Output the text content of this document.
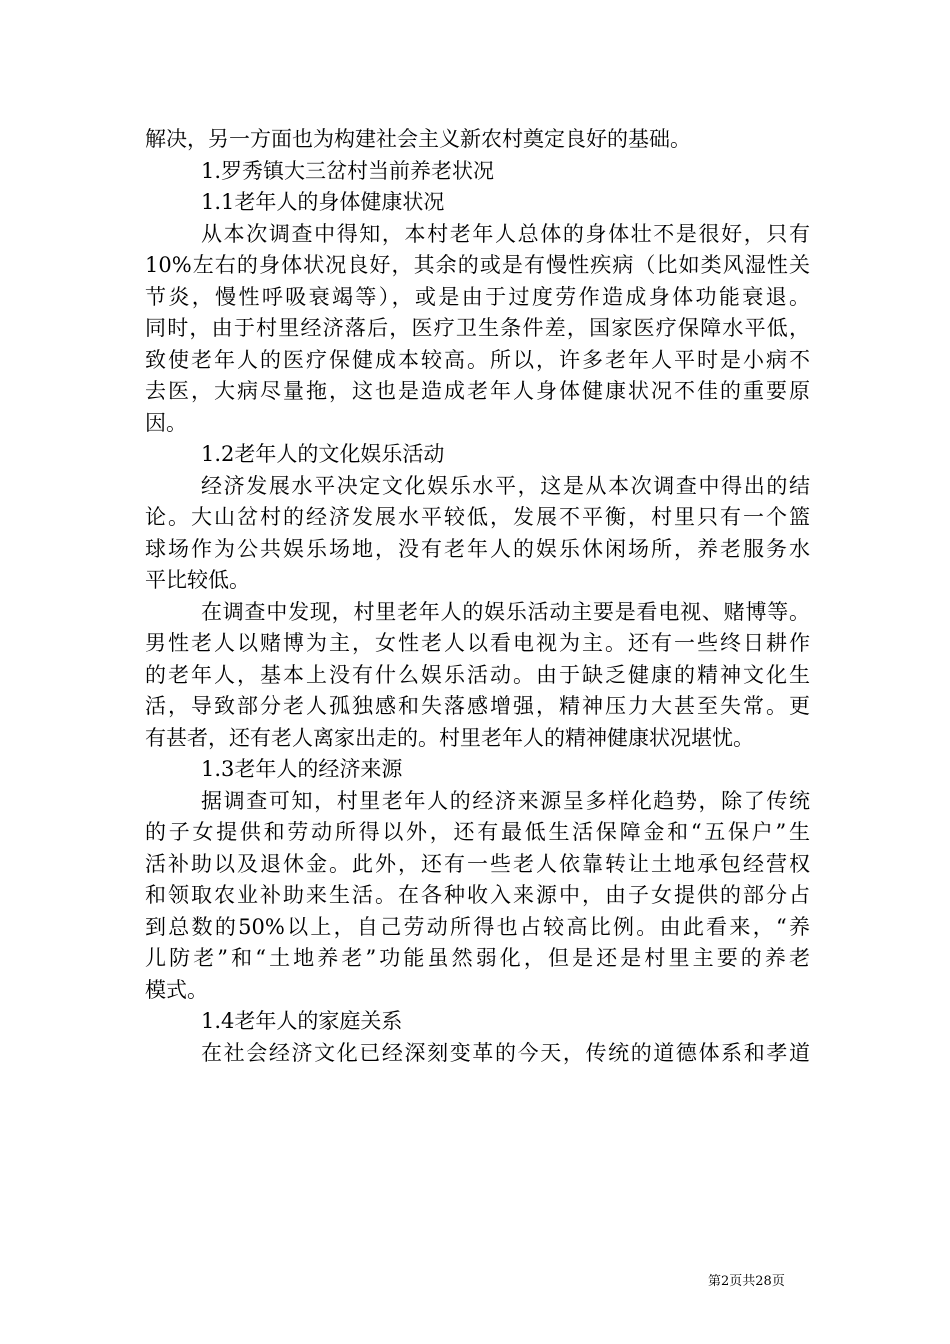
解决，另一方面也为构建社会主义新农村奠定良好的基础。
1.罗秀镇大三岔村当前养老状况
1.1老年人的身体健康状况
从本次调查中得知，本村老年人总体的身体壮不是很好，只有
10%左右的身体状况良好，其余的或是有慢性疾病（比如类风湿性关
节炎，慢性呼吸衰竭等），或是由于过度劳作造成身体功能衰退。
同时，由于村里经济落后，医疗卫生条件差，国家医疗保障水平低，
致使老年人的医疗保健成本较高。所以，许多老年人平时是小病不
去医，大病尽量拖，这也是造成老年人身体健康状况不佳的重要原
因。
1.2老年人的文化娱乐活动
经济发展水平决定文化娱乐水平，这是从本次调查中得出的结
论。大山岔村的经济发展水平较低，发展不平衡，村里只有一个篮
球场作为公共娱乐场地，没有老年人的娱乐休闲场所，养老服务水
平比较低。
在调查中发现，村里老年人的娱乐活动主要是看电视、赌博等。
男性老人以赌博为主，女性老人以看电视为主。还有一些终日耕作
的老年人，基本上没有什么娱乐活动。由于缺乏健康的精神文化生
活，导致部分老人孤独感和失落感增强，精神压力大甚至失常。更
有甚者，还有老人离家出走的。村里老年人的精神健康状况堪忧。
1.3老年人的经济来源
据调查可知，村里老年人的经济来源呈多样化趋势，除了传统
的子女提供和劳动所得以外，还有最低生活保障金和“五保户”生
活补助以及退休金。此外，还有一些老人依靠转让土地承包经营权
和领取农业补助来生活。在各种收入来源中，由子女提供的部分占
到总数的50%以上，自己劳动所得也占较高比例。由此看来，“养
儿防老”和“土地养老”功能虽然弱化，但是还是村里主要的养老
模式。
1.4老年人的家庭关系
在社会经济文化已经深刻变革的今天，传统的道德体系和孝道
第2页共28页
